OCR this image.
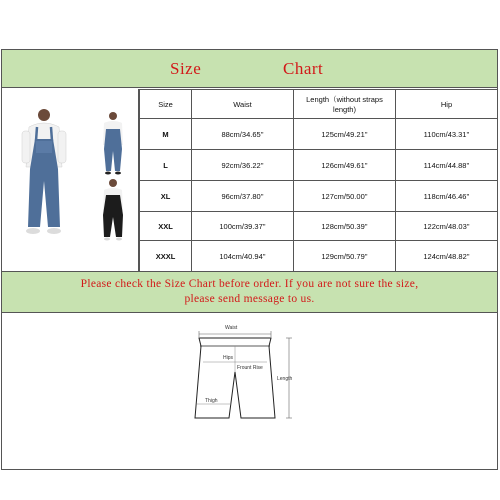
Size	Chart
Size	Waist	Length（without straps length)	Hip
M	88cm/34.65''	125cm/49.21''	110cm/43.31''
L	92cm/36.22''	126cm/49.61''	114cm/44.88''
XL	96cm/37.80''	127cm/50.00''	118cm/46.46''
XXL	100cm/39.37''	128cm/50.39''	122cm/48.03''
XXXL	104cm/40.94''	129cm/50.79''	124cm/48.82''
Please check the Size Chart before order. If you are not sure the size,
please send message to us.
Waist
Hips
Frount Rise
Length
Thigh
